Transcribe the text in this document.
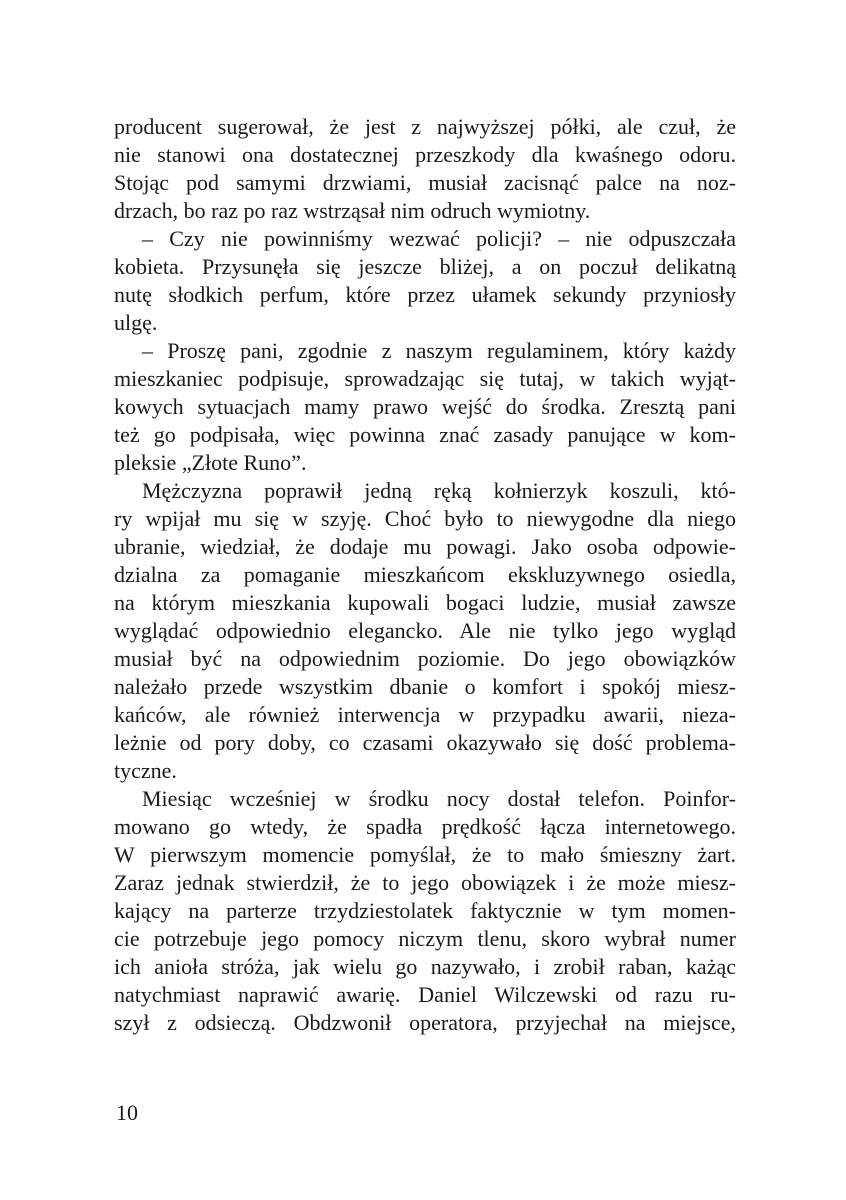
producent sugerował, że jest z najwyższej półki, ale czuł, że
nie stanowi ona dostatecznej przeszkody dla kwaśnego odoru.
Stojąc pod samymi drzwiami, musiał zacisnąć palce na noz-
drzach, bo raz po raz wstrząsał nim odruch wymiotny.
– Czy nie powinniśmy wezwać policji? – nie odpuszczała
kobieta. Przysunęła się jeszcze bliżej, a on poczuł delikatną
nutę słodkich perfum, które przez ułamek sekundy przyniosły
ulgę.
– Proszę pani, zgodnie z naszym regulaminem, który każdy
mieszkaniec podpisuje, sprowadzając się tutaj, w takich wyjąt-
kowych sytuacjach mamy prawo wejść do środka. Zresztą pani
też go podpisała, więc powinna znać zasady panujące w kom-
pleksie „Złote Runo”.
Mężczyzna poprawił jedną ręką kołnierzyk koszuli, któ-
ry wpijał mu się w szyję. Choć było to niewygodne dla niego
ubranie, wiedział, że dodaje mu powagi. Jako osoba odpowie-
dzialna za pomaganie mieszkańcom ekskluzywnego osiedla,
na którym mieszkania kupowali bogaci ludzie, musiał zawsze
wyglądać odpowiednio elegancko. Ale nie tylko jego wygląd
musiał być na odpowiednim poziomie. Do jego obowiązków
należało przede wszystkim dbanie o komfort i spokój miesz-
kańców, ale również interwencja w przypadku awarii, nieza-
leżnie od pory doby, co czasami okazywało się dość problema-
tyczne.
Miesiąc wcześniej w środku nocy dostał telefon. Poinfor-
mowano go wtedy, że spadła prędkość łącza internetowego.
W pierwszym momencie pomyślał, że to mało śmieszny żart.
Zaraz jednak stwierdził, że to jego obowiązek i że może miesz-
kający na parterze trzydziestolatek faktycznie w tym momen-
cie potrzebuje jego pomocy niczym tlenu, skoro wybrał numer
ich anioła stróża, jak wielu go nazywało, i zrobił raban, każąc
natychmiast naprawić awarię. Daniel Wilczewski od razu ru-
szył z odsieczą. Obdzwonił operatora, przyjechał na miejsce,
10
